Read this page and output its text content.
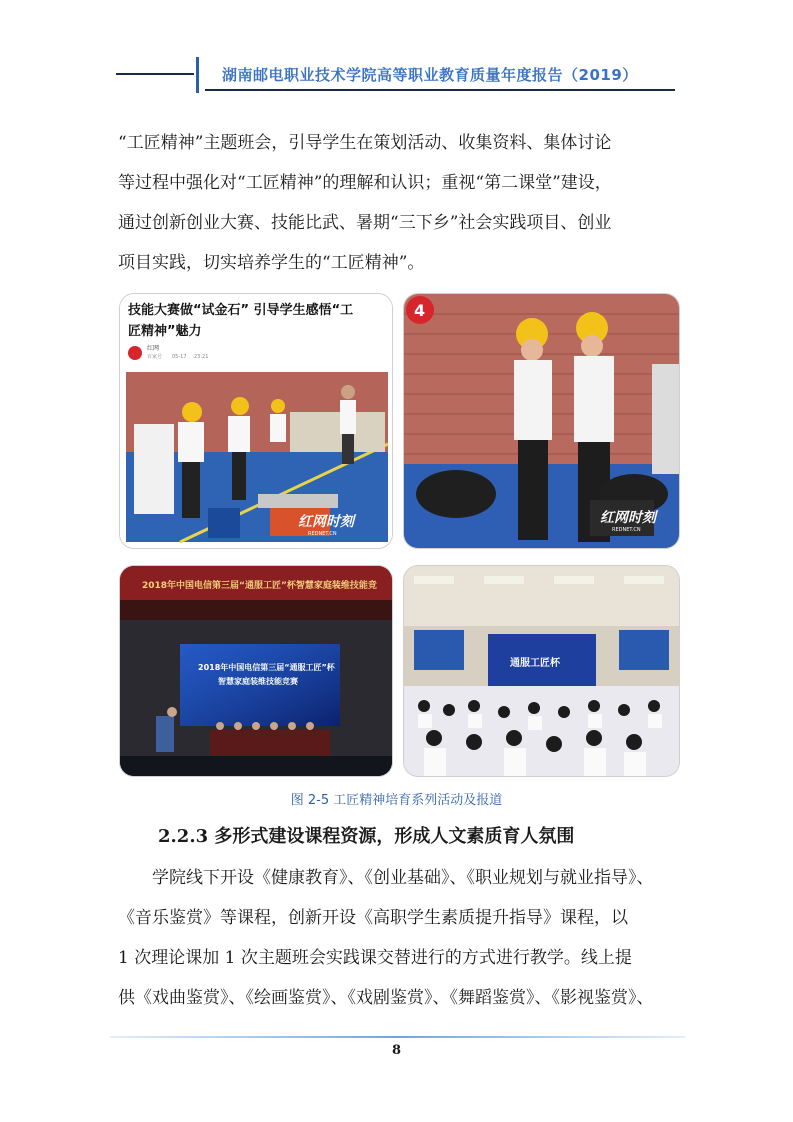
湖南邮电职业技术学院高等职业教育质量年度报告（2019）

“工匠精神”主题班会，引导学生在策划活动、收集资料、集体讨论

等过程中强化对“工匠精神”的理解和认识；重视“第二课堂”建设，

通过创新创业大赛、技能比武、暑期“三下乡”社会实践项目、创业

项目实践，切实培养学生的“工匠精神”。

技能大赛做“试金石” 引导学生感悟“工
匠精神”魅力
红网
百家号 05-17 23:21
红网时刻
REDNET.CN
4
红网时刻
REDNET.CN
2018年中国电信第三届“通服工匠”杯智慧家庭装维技能竞
2018年中国电信第三届“通服工匠”杯
智慧家庭装维技能竞赛
通服工匠杯
图 2-5 工匠精神培育系列活动及报道
2.2.3 多形式建设课程资源，形成人文素质育人氛围

学院线下开设《健康教育》、《创业基础》、《职业规划与就业指导》、

《音乐鉴赏》等课程，创新开设《高职学生素质提升指导》课程，以

1 次理论课加 1 次主题班会实践课交替进行的方式进行教学。线上提

供《戏曲鉴赏》、《绘画鉴赏》、《戏剧鉴赏》、《舞蹈鉴赏》、《影视鉴赏》、

8
